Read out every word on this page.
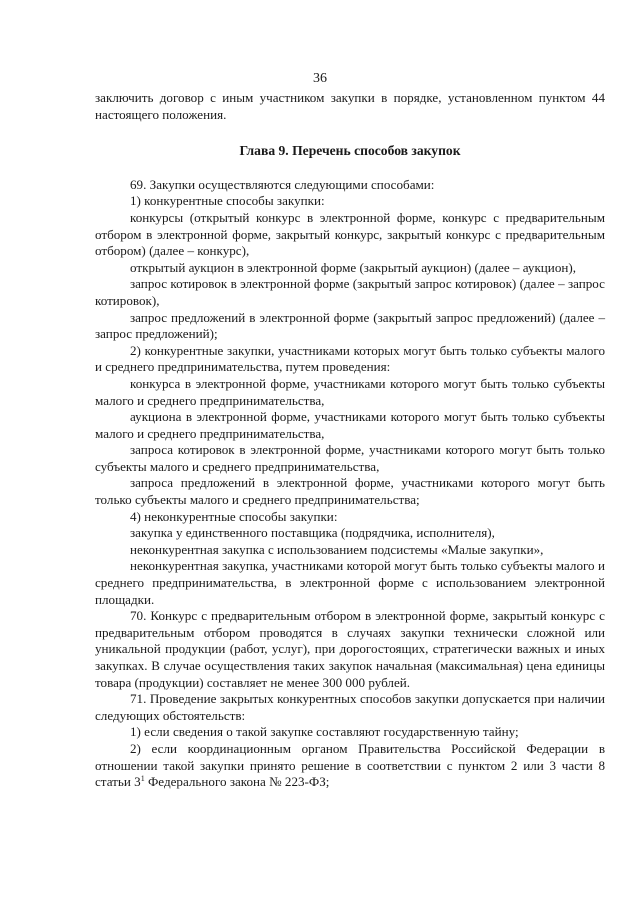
36

заключить договор с иным участником закупки в порядке, установленном пунктом 44 настоящего положения.

Глава 9. Перечень способов закупок

69. Закупки осуществляются следующими способами:

1) конкурентные способы закупки:

конкурсы (открытый конкурс в электронной форме, конкурс с предварительным отбором в электронной форме, закрытый конкурс, закрытый конкурс с предварительным отбором) (далее – конкурс),

открытый аукцион в электронной форме (закрытый аукцион) (далее – аукцион),

запрос котировок в электронной форме (закрытый запрос котировок) (далее – запрос котировок),

запрос предложений в электронной форме (закрытый запрос предложений) (далее – запрос предложений);

2) конкурентные закупки, участниками которых могут быть только субъекты малого и среднего предпринимательства, путем проведения:

конкурса в электронной форме, участниками которого могут быть только субъекты малого и среднего предпринимательства,

аукциона в электронной форме, участниками которого могут быть только субъекты малого и среднего предпринимательства,

запроса котировок в электронной форме, участниками которого могут быть только субъекты малого и среднего предпринимательства,

запроса предложений в электронной форме, участниками которого могут быть только субъекты малого и среднего предпринимательства;

4) неконкурентные способы закупки:

закупка у единственного поставщика (подрядчика, исполнителя),

неконкурентная закупка с использованием подсистемы «Малые закупки»,

неконкурентная закупка, участниками которой могут быть только субъекты малого и среднего предпринимательства, в электронной форме с использованием электронной площадки.

70. Конкурс с предварительным отбором в электронной форме, закрытый конкурс с предварительным отбором проводятся в случаях закупки технически сложной или уникальной продукции (работ, услуг), при дорогостоящих, стратегически важных и иных закупках. В случае осуществления таких закупок начальная (максимальная) цена единицы товара (продукции) составляет не менее 300 000 рублей.

71. Проведение закрытых конкурентных способов закупки допускается при наличии следующих обстоятельств:

1) если сведения о такой закупке составляют государственную тайну;

2) если координационным органом Правительства Российской Федерации в отношении такой закупки принято решение в соответствии с пунктом 2 или 3 части 8 статьи $3^1$ Федерального закона № 223-ФЗ;
